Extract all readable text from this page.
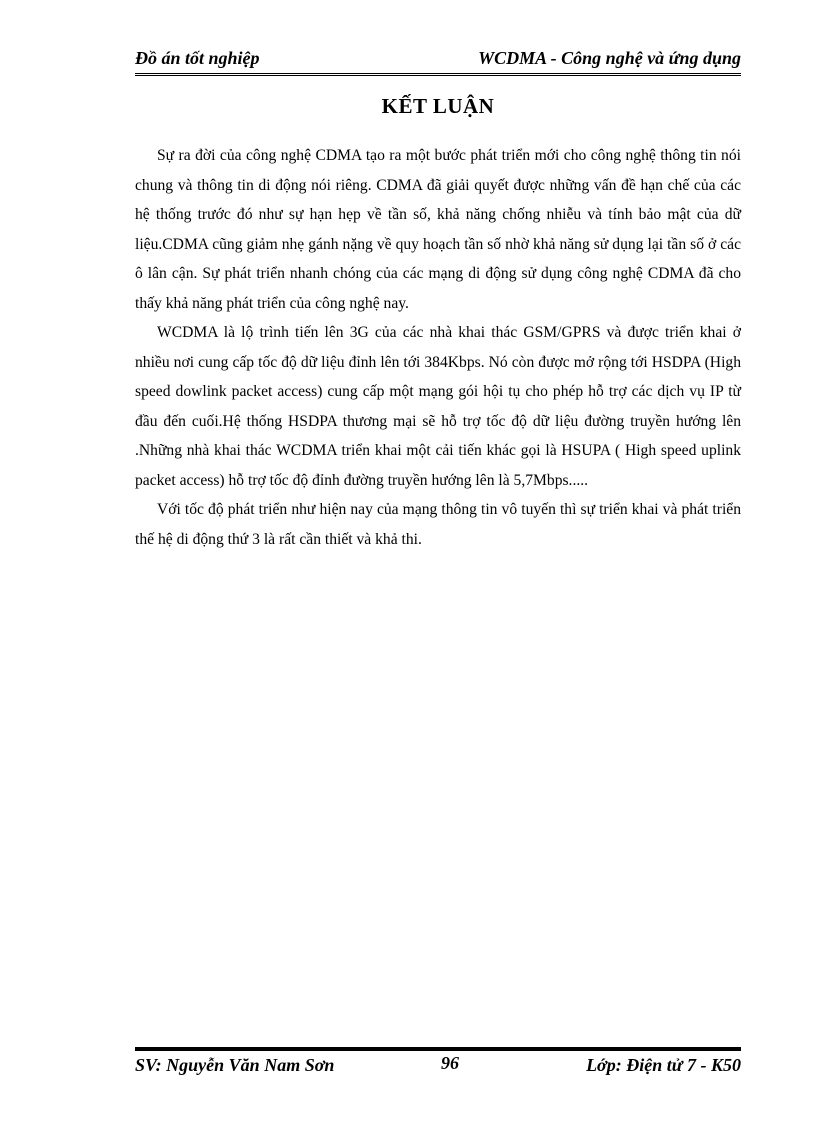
Đồ án tốt nghiệp	WCDMA - Công nghệ và ứng dụng
KẾT LUẬN

Sự ra đời của công nghệ CDMA tạo ra một bước phát triển mới cho công nghệ thông tin nói chung và thông tin di động nói riêng. CDMA đã giải quyết được những vấn đề hạn chế của các hệ thống trước đó như sự hạn hẹp về tần số, khả năng chống nhiễu và tính bảo mật của dữ liệu.CDMA cũng giảm nhẹ gánh nặng về quy hoạch tần số nhờ khả năng sử dụng lại tần số ở các ô lân cận. Sự phát triển nhanh chóng của các mạng di động sử dụng công nghệ CDMA đã cho thấy khả năng phát triển của công nghệ nay.

WCDMA là lộ trình tiến lên 3G của các nhà khai thác GSM/GPRS và được triển khai ở nhiều nơi cung cấp tốc độ dữ liệu đỉnh lên tới 384Kbps. Nó còn được mở rộng tới HSDPA (High speed dowlink packet access) cung cấp một mạng gói hội tụ cho phép hỗ trợ các dịch vụ IP từ đầu đến cuối.Hệ thống HSDPA thương mại sẽ hỗ trợ tốc độ dữ liệu đường truyền hướng lên .Những nhà khai thác WCDMA triển khai một cải tiến khác gọi là HSUPA ( High speed uplink packet access) hỗ trợ tốc độ đỉnh đường truyền hướng lên là 5,7Mbps.....

Với tốc độ phát triển như hiện nay của mạng thông tin vô tuyến thì sự triển khai và phát triển thế hệ di động thứ 3 là rất cần thiết và khả thi.

SV: Nguyễn Văn Nam Sơn	96	Lớp: Điện tử 7 - K50
